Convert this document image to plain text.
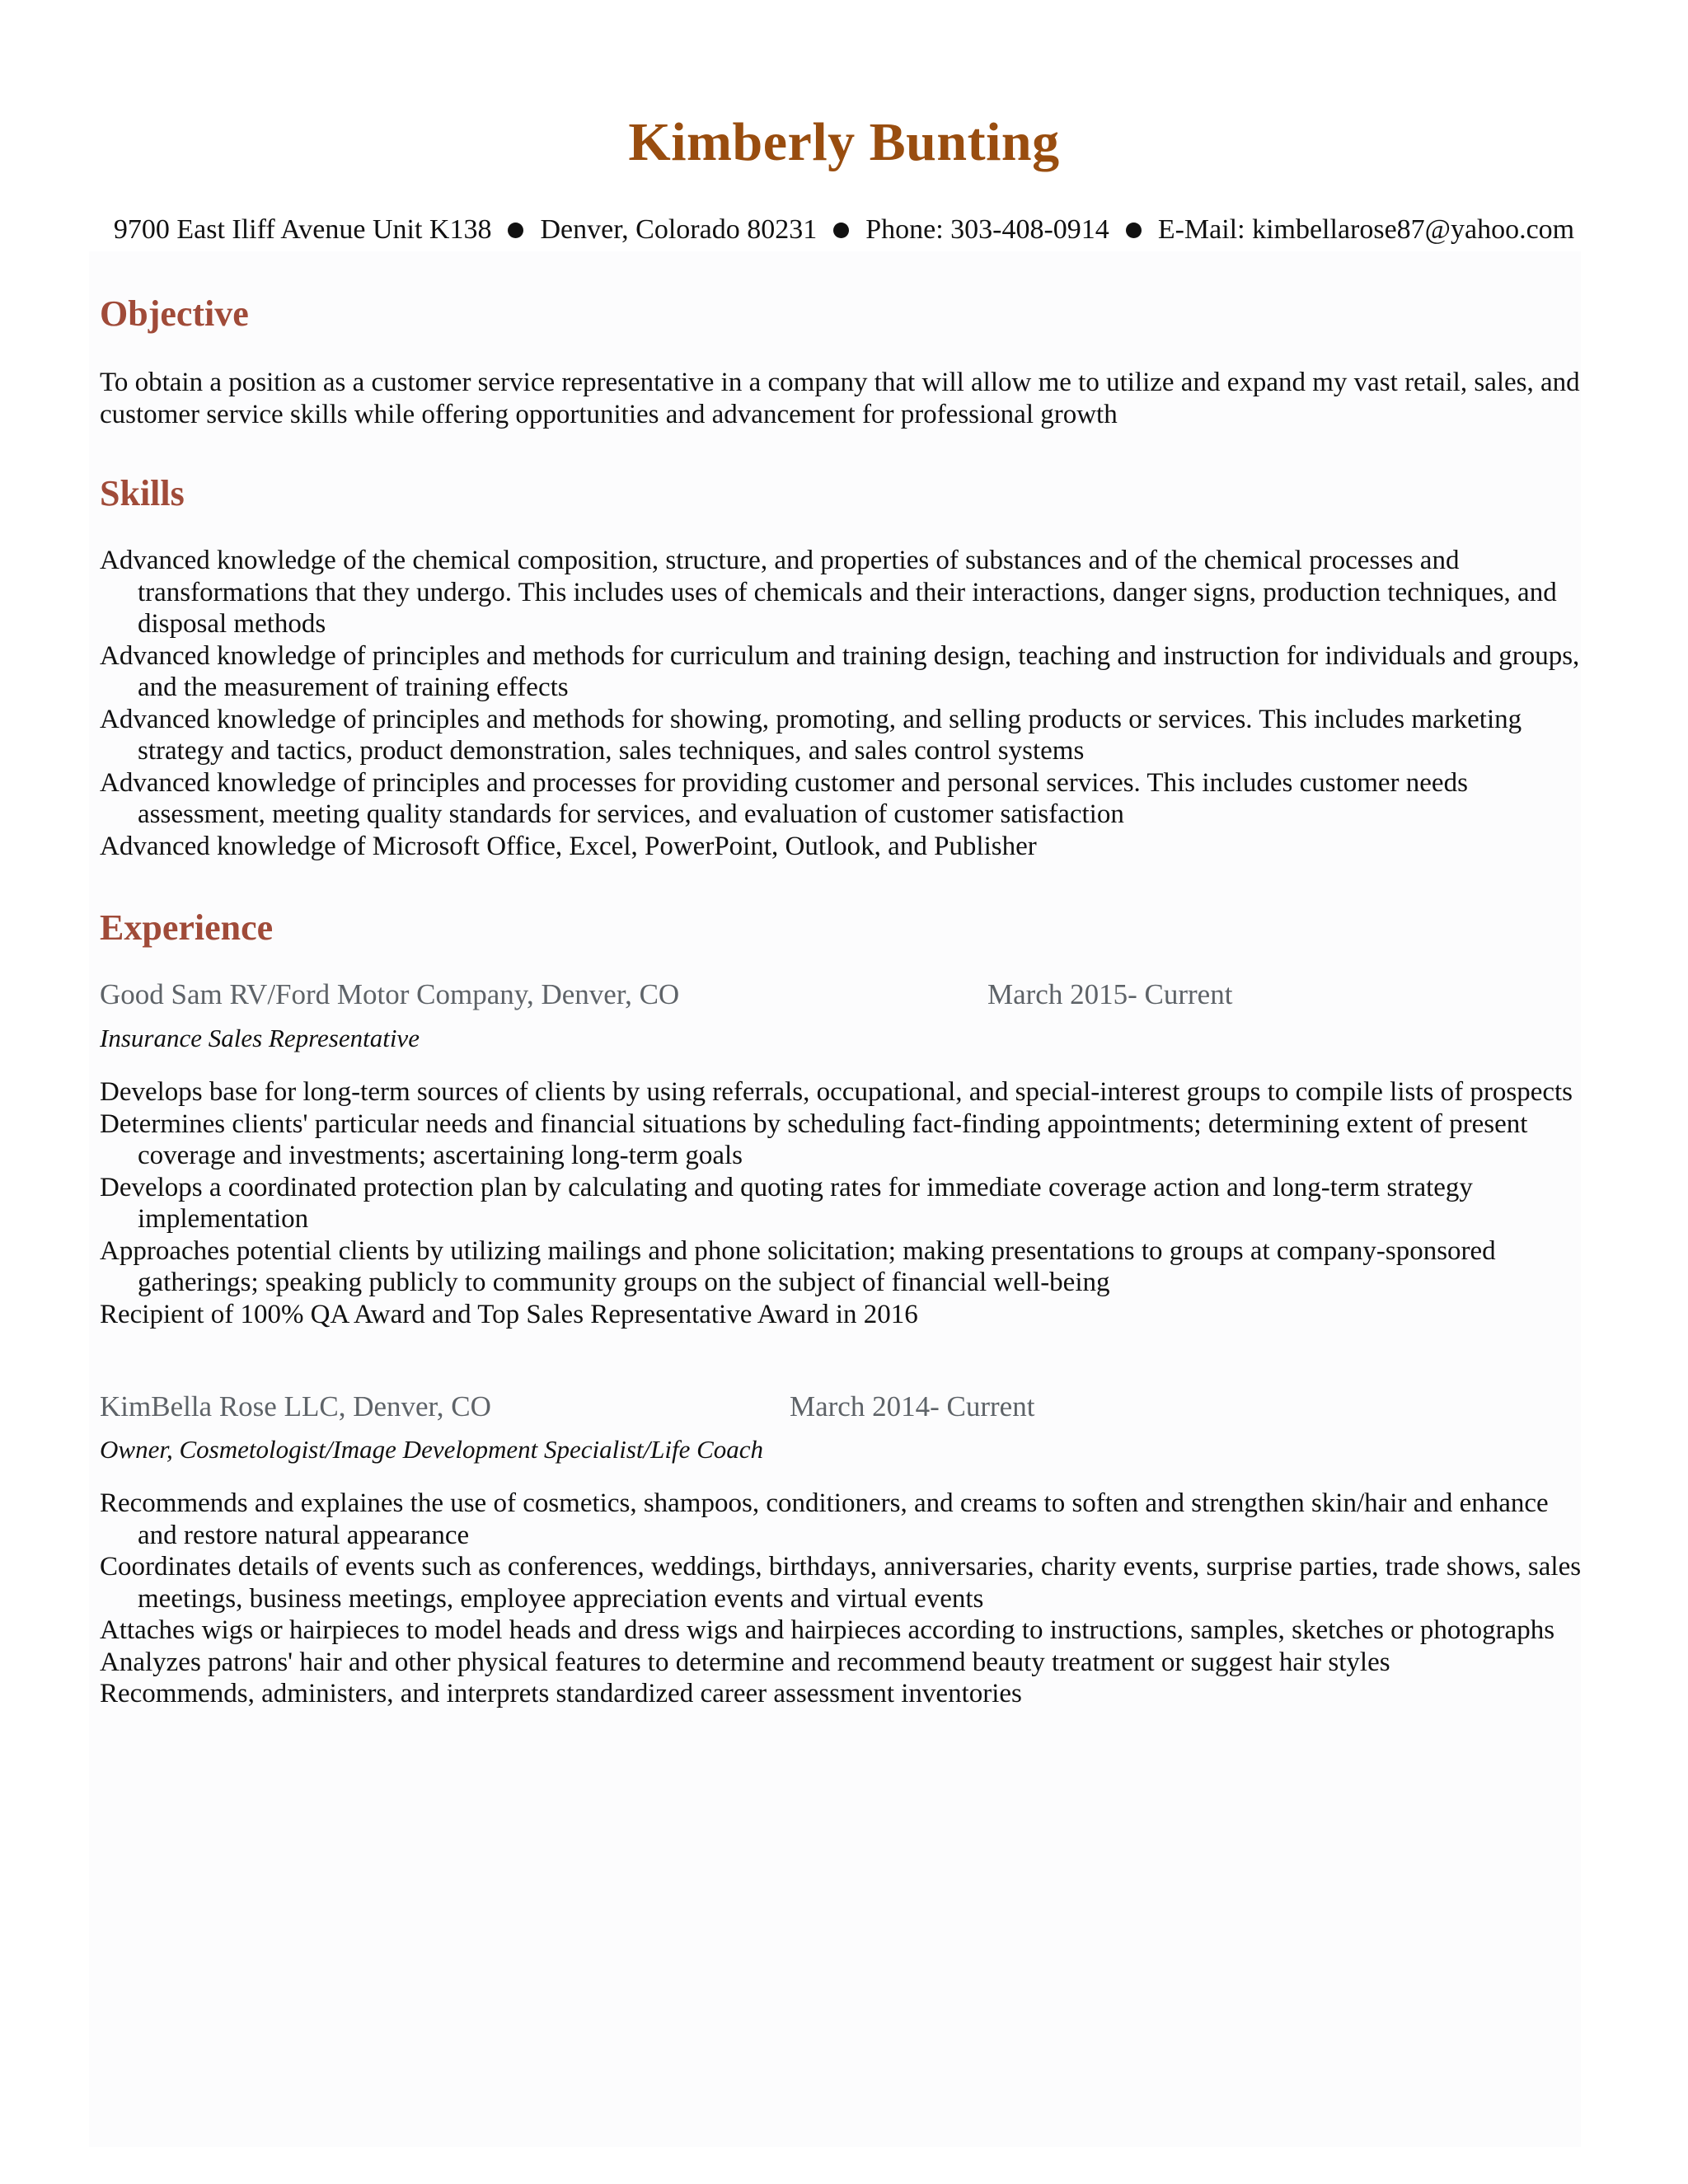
Kimberly Bunting
9700 East Iliff Avenue Unit K138 Denver, Colorado 80231 Phone: 303-408-0914 E-Mail: kimbellarose87@yahoo.com
Objective
To obtain a position as a customer service representative in a company that will allow me to utilize and expand my vast retail, sales, and customer service skills while offering opportunities and advancement for professional growth
Skills
Advanced knowledge of the chemical composition, structure, and properties of substances and of the chemical processes and transformations that they undergo. This includes uses of chemicals and their interactions, danger signs, production techniques, and disposal methods
Advanced knowledge of principles and methods for curriculum and training design, teaching and instruction for individuals and groups, and the measurement of training effects
Advanced knowledge of principles and methods for showing, promoting, and selling products or services. This includes marketing strategy and tactics, product demonstration, sales techniques, and sales control systems
Advanced knowledge of principles and processes for providing customer and personal services. This includes customer needs assessment, meeting quality standards for services, and evaluation of customer satisfaction
Advanced knowledge of Microsoft Office, Excel, PowerPoint, Outlook, and Publisher
Experience
Good Sam RV/Ford Motor Company, Denver, CO	March 2015- Current
Insurance Sales Representative
Develops base for long-term sources of clients by using referrals, occupational, and special-interest groups to compile lists of prospects
Determines clients' particular needs and financial situations by scheduling fact-finding appointments; determining extent of present coverage and investments; ascertaining long-term goals
Develops a coordinated protection plan by calculating and quoting rates for immediate coverage action and long-term strategy implementation
Approaches potential clients by utilizing mailings and phone solicitation; making presentations to groups at company-sponsored gatherings; speaking publicly to community groups on the subject of financial well-being
Recipient of 100% QA Award and Top Sales Representative Award in 2016
KimBella Rose LLC, Denver, CO	March 2014- Current
Owner, Cosmetologist/Image Development Specialist/Life Coach
Recommends and explaines the use of cosmetics, shampoos, conditioners, and creams to soften and strengthen skin/hair and enhance and restore natural appearance
Coordinates details of events such as conferences, weddings, birthdays, anniversaries, charity events, surprise parties, trade shows, sales meetings, business meetings, employee appreciation events and virtual events
Attaches wigs or hairpieces to model heads and dress wigs and hairpieces according to instructions, samples, sketches or photographs
Analyzes patrons' hair and other physical features to determine and recommend beauty treatment or suggest hair styles
Recommends, administers, and interprets standardized career assessment inventories
